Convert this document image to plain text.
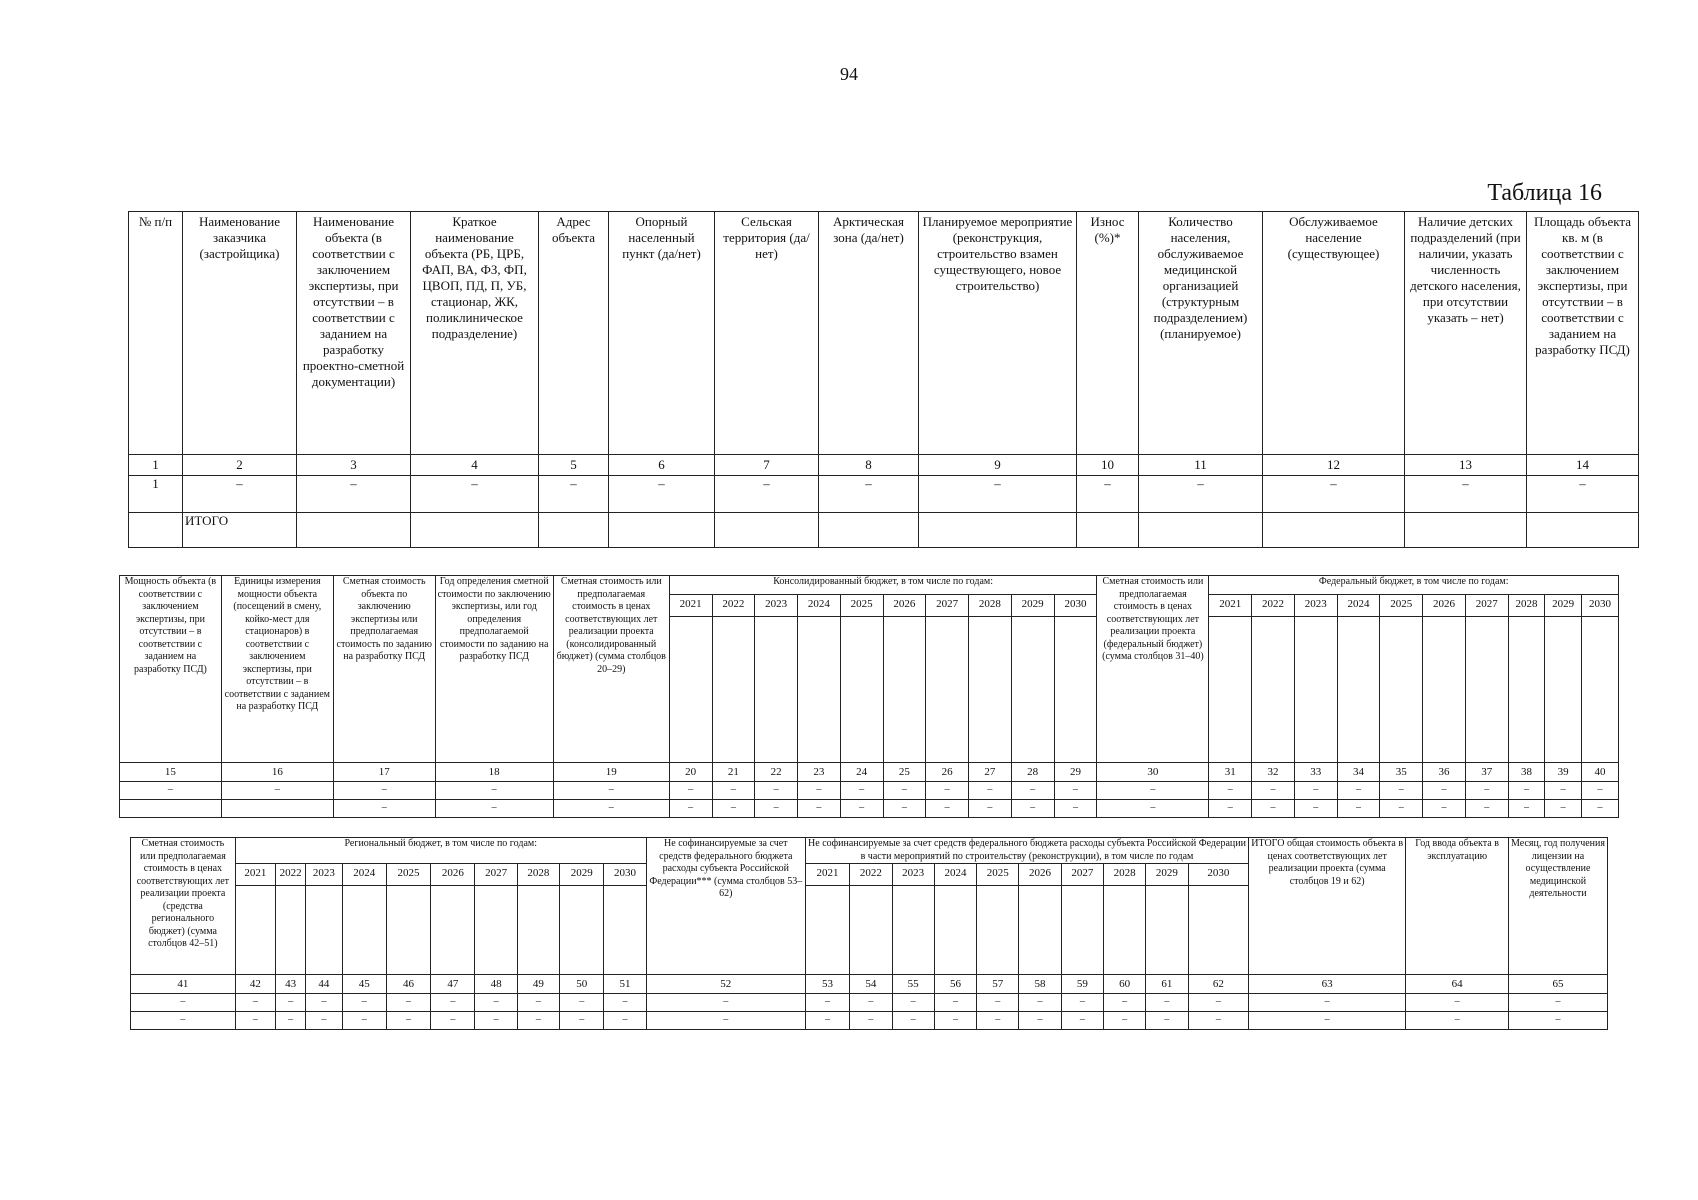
94
Таблица 16
№ п/п	Наименование заказчика (застройщика)	Наименование объекта (в соответствии с заключением экспертизы, при отсутствии – в соответствии с заданием на разработку проектно-сметной документации)	Краткое наименование объекта (РБ, ЦРБ, ФАП, ВА, ФЗ, ФП, ЦВОП, ПД, П, УБ, стационар, ЖК, поликлиническое подразделение)	Адрес объекта	Опорный населенный пункт (да/нет)	Сельская территория (да/нет)	Арктическая зона (да/нет)	Планируемое мероприятие (реконструкция, строительство взамен существующего, новое строительство)	Износ (%)*	Количество населения, обслуживаемое медицинской организацией (структурным подразделением) (планируемое)	Обслуживаемое население (существующее)	Наличие детских подразделений (при наличии, указать численность детского населения, при отсутствии указать – нет)	Площадь объекта кв. м (в соответствии с заключением экспертизы, при отсутствии – в соответствии с заданием на разработку ПСД)
1	2	3	4	5	6	7	8	9	10	11	12	13	14
1	–	–	–	–	–	–	–	–	–	–	–	–	–
	ИТОГО												
Мощность объекта (в соответствии с заключением экспертизы, при отсутствии – в соответствии с заданием на разработку ПСД)	Единицы измерения мощности объекта (посещений в смену, койко-мест для стационаров) в соответствии с заключением экспертизы, при отсутствии – в соответствии с заданием на разработку ПСД	Сметная стоимость объекта по заключению экспертизы или предполагаемая стоимость по заданию на разработку ПСД	Год определения сметной стоимости по заключению экспертизы, или год определения предполагаемой стоимости по заданию на разработку ПСД	Сметная стоимость или предполагаемая стоимость в ценах соответствующих лет реализации проекта (консолидированный бюджет) (сумма столбцов 20–29)	Консолидированный бюджет, в том числе по годам:										Сметная стоимость или предполагаемая стоимость в ценах соответствующих лет реализации проекта (федеральный бюджет) (сумма столбцов 31–40)	Федеральный бюджет, в том числе по годам:									
					2021	2022	2023	2024	2025	2026	2027	2028	2029	2030		2021	2022	2023	2024	2025	2026	2027	2028	2029	2030

15	16	17	18	19	20	21	22	23	24	25	26	27	28	29	30	31	32	33	34	35	36	37	38	39	40
–	–	–	–	–	–	–	–	–	–	–	–	–	–	–	–	–	–	–	–	–	–	–	–	–	–
		–	–	–	–	–	–	–	–	–	–	–	–	–	–	–	–	–	–	–	–	–	–	–	–
Сметная стоимость или предполагаемая стоимость в ценах соответствующих лет реализации проекта (средства регионального бюджет) (сумма столбцов 42–51)	Региональный бюджет, в том числе по годам:										Не софинансируемые за счет средств федерального бюджета расходы субъекта Российской Федерации*** (сумма столбцов 53–62)	Не софинансируемые за счет средств федерального бюджета расходы субъекта Российской Федерации в части мероприятий по строительству (реконструкции), в том числе по годам										ИТОГО общая стоимость объекта в ценах соответствующих лет реализации проекта (сумма столбцов 19 и 62)	Год ввода объекта в эксплуатацию	Месяц, год получения лицензии на осуществление медицинской деятельности
	2021	2022	2023	2024	2025	2026	2027	2028	2029	2030		2021	2022	2023	2024	2025	2026	2027	2028	2029	2030			

41	42	43	44	45	46	47	48	49	50	51	52	53	54	55	56	57	58	59	60	61	62	63	64	65
–	–	–	–	–	–	–	–	–	–	–	–	–	–	–	–	–	–	–	–	–	–	–	–	–
–	–	–	–	–	–	–	–	–	–	–	–	–	–	–	–	–	–	–	–	–	–	–	–	–
